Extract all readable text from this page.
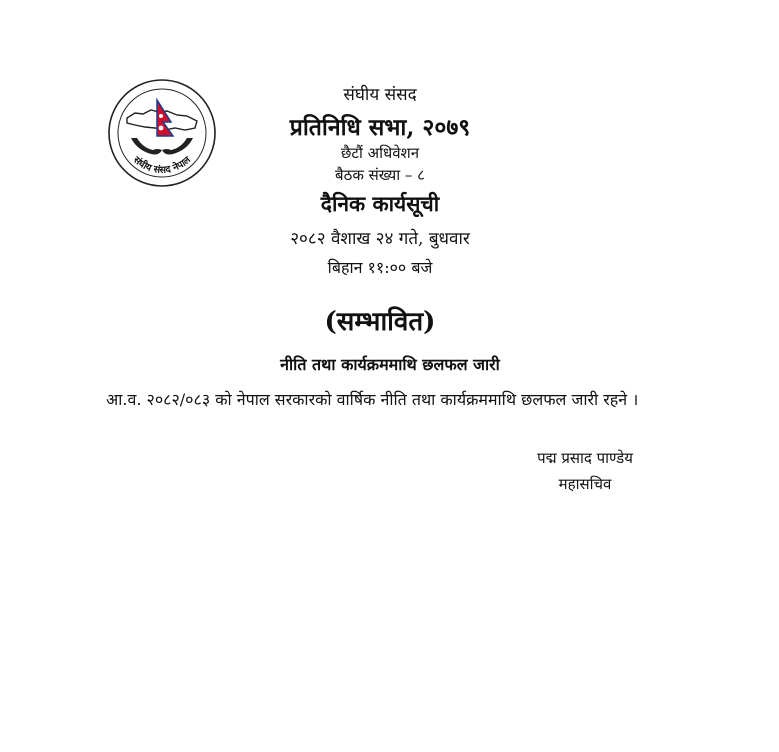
संघीय संसद नेपाल
संघीय संसद
प्रतिनिधि सभा, २०७९
छैटौं अधिवेशन
बैठक संख्या – ८
दैनिक कार्यसूची
२०८२ वैशाख २४ गते, बुधवार
बिहान ११:०० बजे
(सम्भावित)
नीति तथा कार्यक्रममाथि छलफल जारी
आ.व. २०८२/०८३ को नेपाल सरकारको वार्षिक नीति तथा कार्यक्रममाथि छलफल जारी रहने ।
पद्म प्रसाद पाण्डेय
महासचिव
